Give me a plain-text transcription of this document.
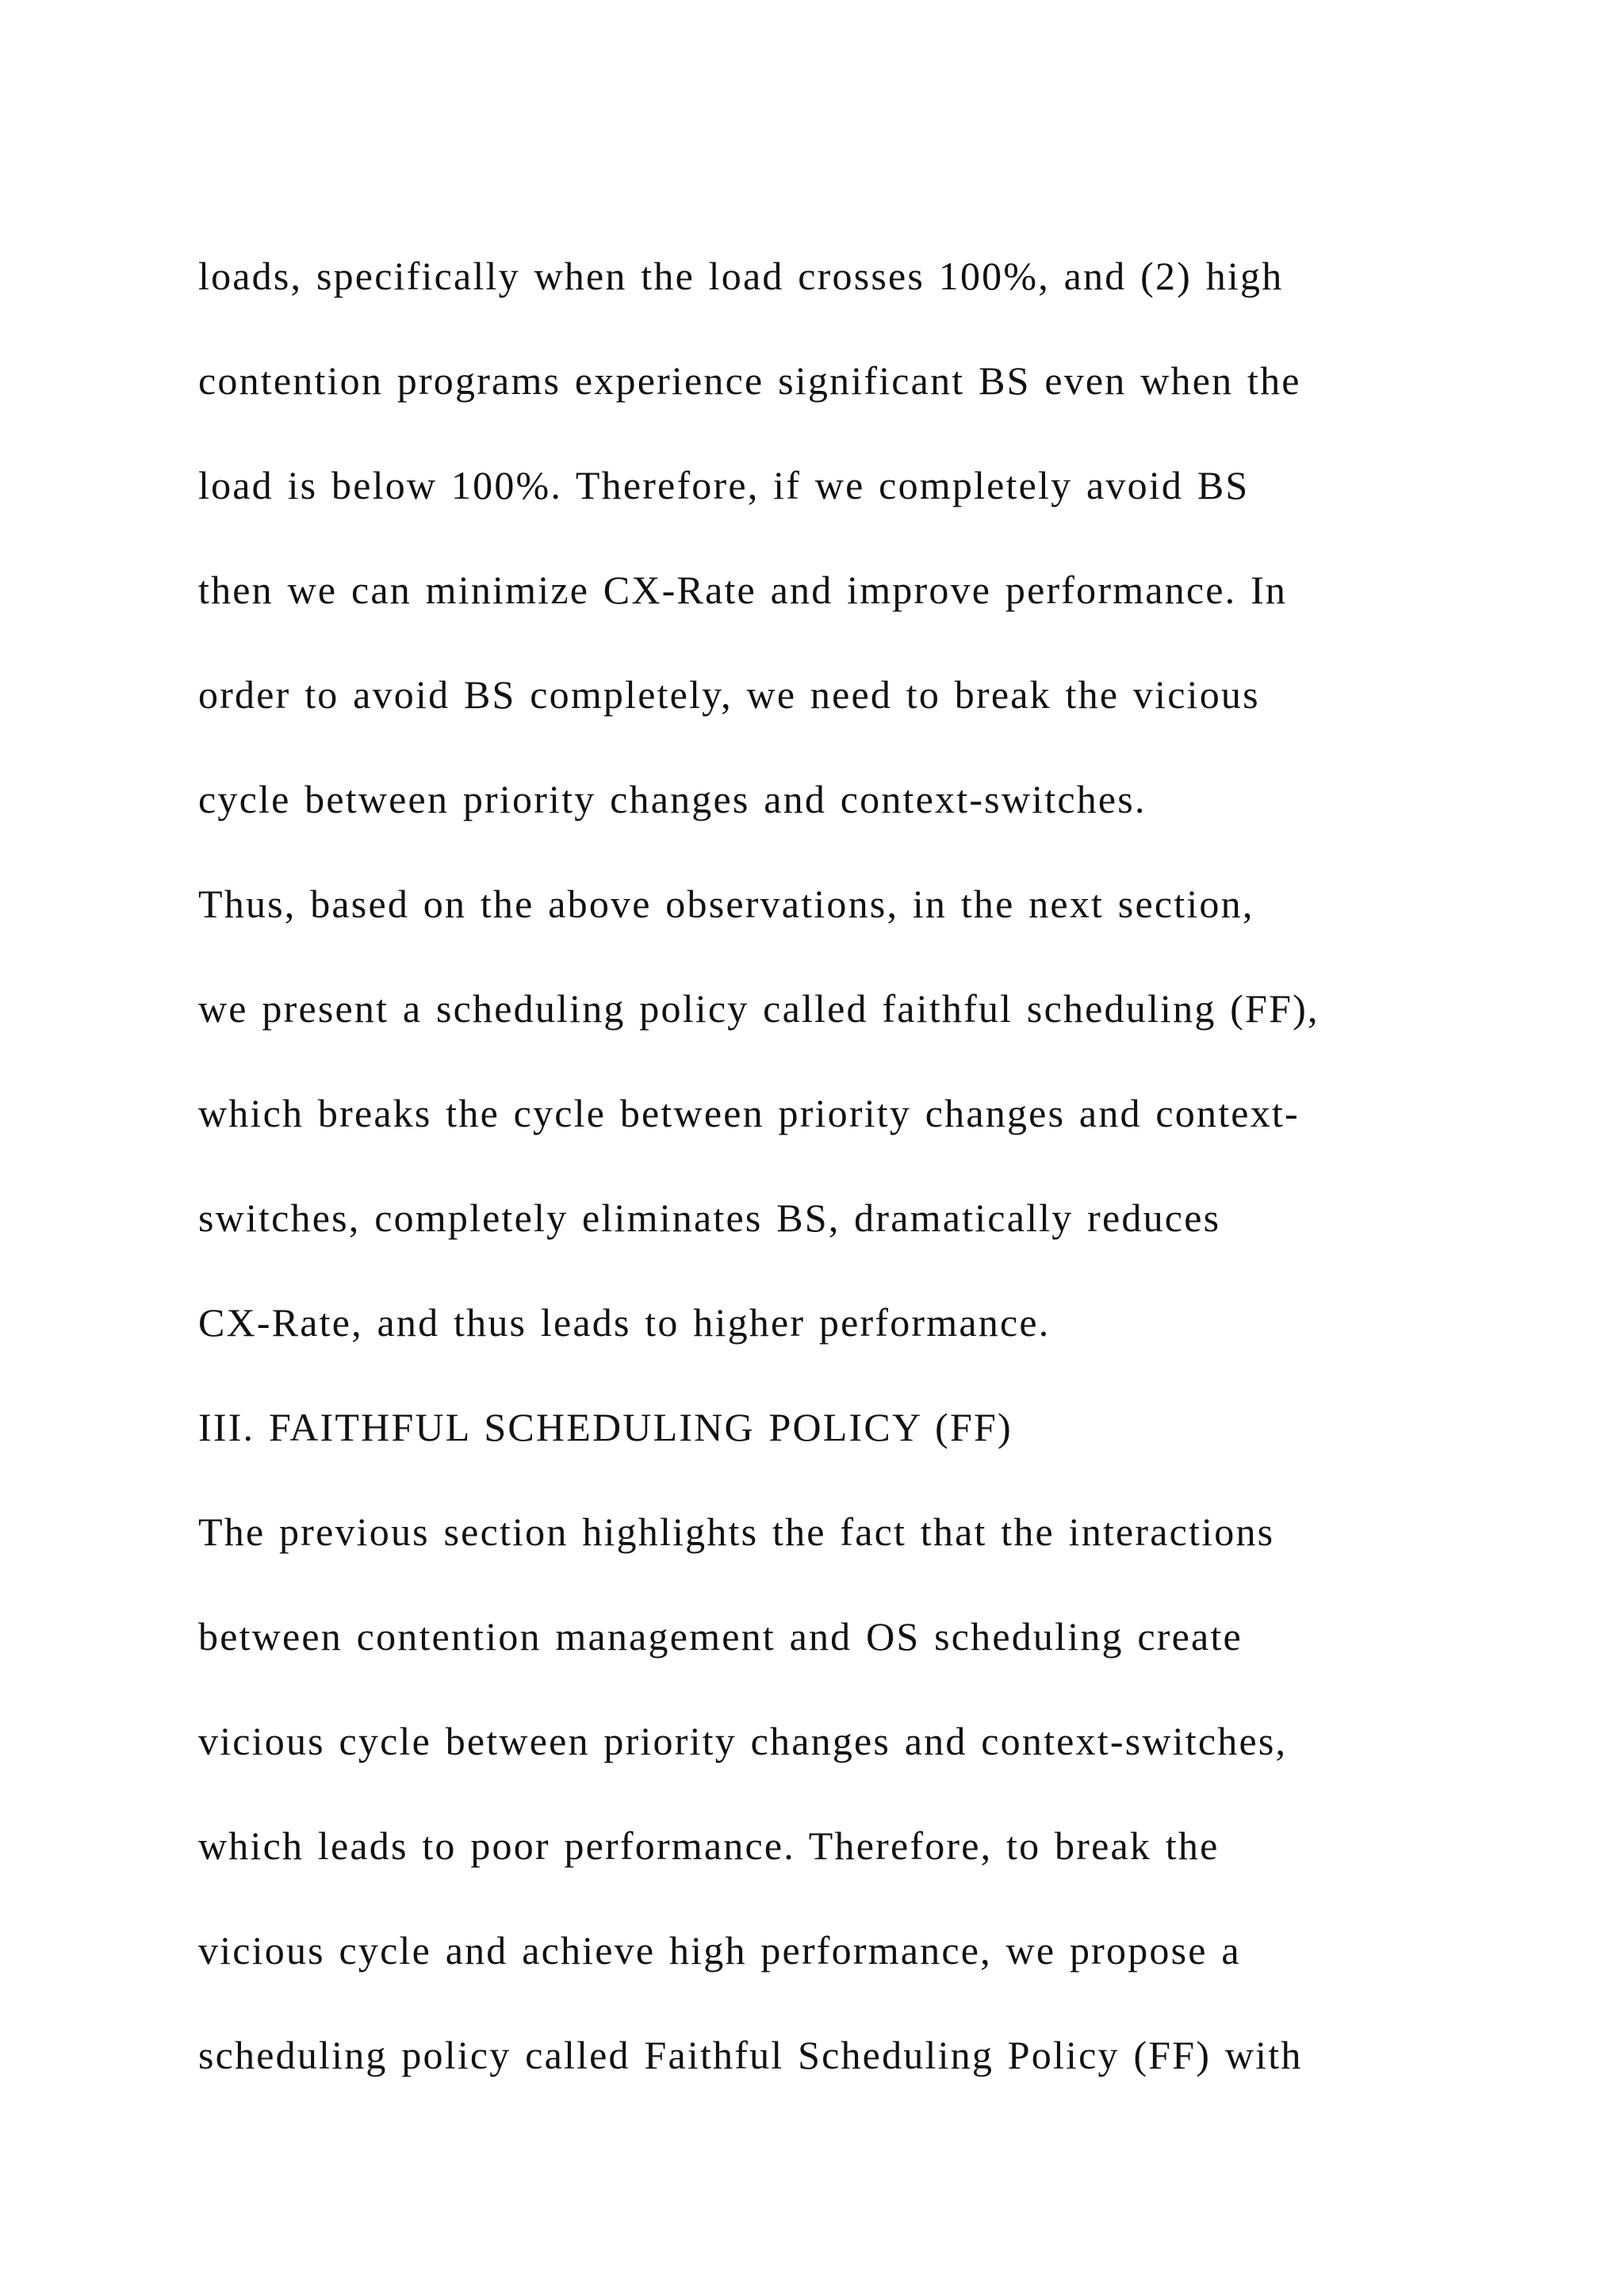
loads, specifically when the load crosses 100%, and (2) high

contention programs experience significant BS even when the

load is below 100%. Therefore, if we completely avoid BS

then we can minimize CX-Rate and improve performance. In

order to avoid BS completely, we need to break the vicious

cycle between priority changes and context-switches.

Thus, based on the above observations, in the next section,

we present a scheduling policy called faithful scheduling (FF),

which breaks the cycle between priority changes and context-

switches, completely eliminates BS, dramatically reduces

CX-Rate, and thus leads to higher performance.

III. FAITHFUL SCHEDULING POLICY (FF)

The previous section highlights the fact that the interactions

between contention management and OS scheduling create

vicious cycle between priority changes and context-switches,

which leads to poor performance. Therefore, to break the

vicious cycle and achieve high performance, we propose a

scheduling policy called Faithful Scheduling Policy (FF) with
